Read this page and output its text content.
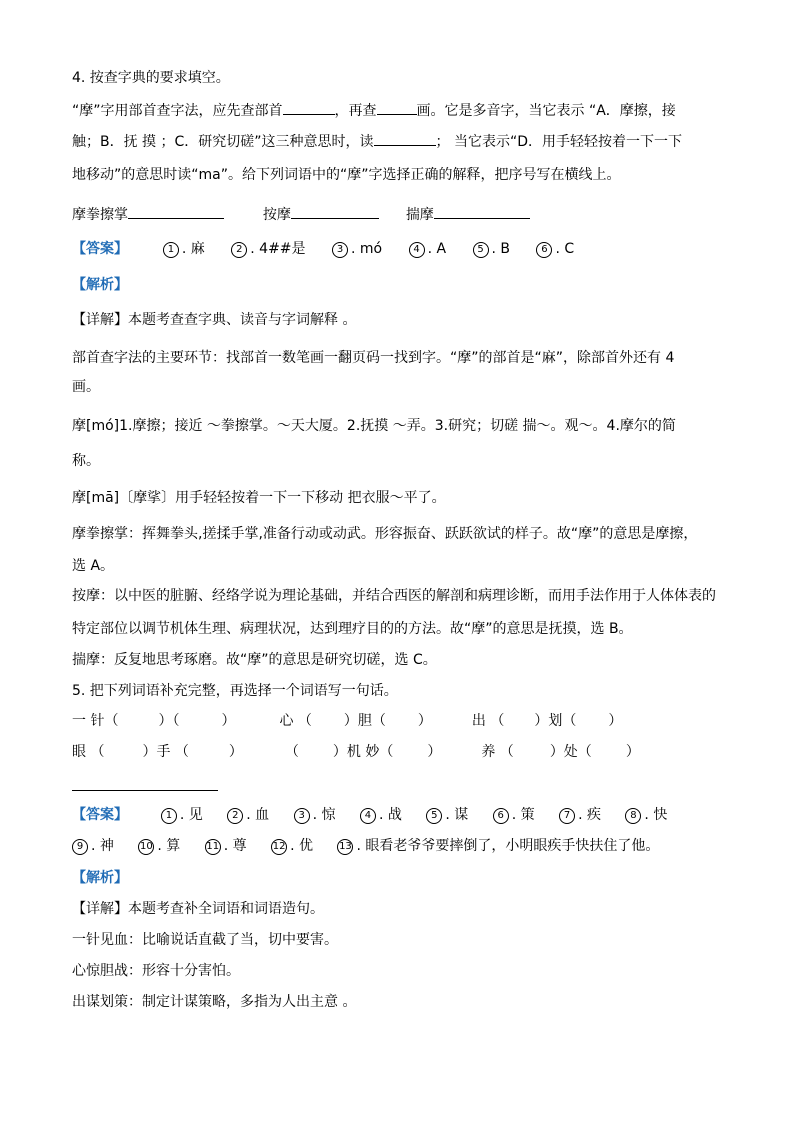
4. 按查字典的要求填空。
“摩”字用部首查字法，应先查部首	，再查	画。它是多音字，当它表示 “A．摩擦，接
触；B．抚 摸 ；C．研究切磋”这三种意思时，读	； 当它表示“D．用手轻轻按着一下一下
地移动”的意思时读“ma”。给下列词语中的“摩”字选择正确的解释，把序号写在横线上。
摩拳擦掌	按摩	揣摩
【答案】	1 . 麻	2 . 4##是	3 . mó	4 . A	5 . B	6 . C
【解析】
【详解】本题考查查字典、读音与字词解释 。
部首查字法的主要环节：找部首一数笔画一翻页码一找到字。“摩”的部首是“麻”，除部首外还有 4
画。
摩[mó]1.摩擦；接近 ～拳擦掌。～天大厦。2.抚摸 ～弄。3.研究；切磋 揣～。观～。4.摩尔的简
称。
摩[mā]〔摩挲〕用手轻轻按着一下一下移动 把衣服～平了。
摩拳擦掌：挥舞拳头,搓揉手掌,准备行动或动武。形容振奋、跃跃欲试的样子。故“摩”的意思是摩擦，
选 A。
按摩：以中医的脏腑、经络学说为理论基础，并结合西医的解剖和病理诊断，而用手法作用于人体体表的
特定部位以调节机体生理、病理状况，达到理疗目的的方法。故“摩”的意思是抚摸，选 B。
揣摩：反复地思考琢磨。故“摩”的意思是研究切磋，选 C。
5. 把下列词语补充完整，再选择一个词语写一句话。
一 针（	）（	）	心 （ ）胆（ ）	出 （ ）划（ ）
眼 （	）手 （	）	（ ）机 妙（ ）	养 （	）处（ ）
【答案】	1 . 见	2 . 血	3 . 惊	4 . 战	5 . 谋	6 . 策	7 . 疾	8 . 快
9 . 神	10 . 算	11 . 尊	12 . 优	13 . 眼看老爷爷要摔倒了，小明眼疾手快扶住了他。
【解析】
【详解】本题考查补全词语和词语造句。
一针见血：比喻说话直截了当，切中要害。
心惊胆战：形容十分害怕。
出谋划策：制定计谋策略，多指为人出主意 。
